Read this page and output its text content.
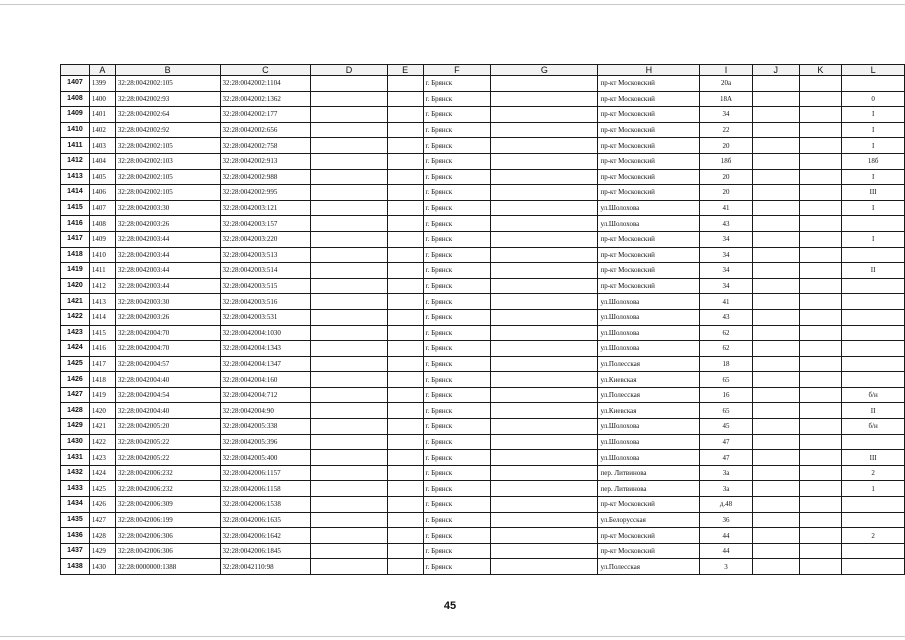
	A	B	C	D	E	F	G	H	I	J	K	L
1407	1399	32:28:0042002:105	32:28:0042002:1104			г. Брянск		пр-кт Московский	20а			
1408	1400	32:28:0042002:93	32:28:0042002:1362			г. Брянск		пр-кт Московский	18А			0
1409	1401	32:28:0042002:64	32:28:0042002:177			г. Брянск		пр-кт Московский	34			I
1410	1402	32:28:0042002:92	32:28:0042002:656			г. Брянск		пр-кт Московский	22			I
1411	1403	32:28:0042002:105	32:28:0042002:758			г. Брянск		пр-кт Московский	20			I
1412	1404	32:28:0042002:103	32:28:0042002:913			г. Брянск		пр-кт Московский	18б			18б
1413	1405	32:28:0042002:105	32:28:0042002:988			г. Брянск		пр-кт Московский	20			I
1414	1406	32:28:0042002:105	32:28:0042002:995			г. Брянск		пр-кт Московский	20			III
1415	1407	32:28:0042003:30	32:28:0042003:121			г. Брянск		ул.Шолохова	41			I
1416	1408	32:28:0042003:26	32:28:0042003:157			г. Брянск		ул.Шолохова	43			
1417	1409	32:28:0042003:44	32:28:0042003:220			г. Брянск		пр-кт Московский	34			I
1418	1410	32:28:0042003:44	32:28:0042003:513			г. Брянск		пр-кт Московский	34			
1419	1411	32:28:0042003:44	32:28:0042003:514			г. Брянск		пр-кт Московский	34			II
1420	1412	32:28:0042003:44	32:28:0042003:515			г. Брянск		пр-кт Московский	34			
1421	1413	32:28:0042003:30	32:28:0042003:516			г. Брянск		ул.Шолохова	41			
1422	1414	32:28:0042003:26	32:28:0042003:531			г. Брянск		ул.Шолохова	43			
1423	1415	32:28:0042004:70	32:28:0042004:1030			г. Брянск		ул.Шолохова	62			
1424	1416	32:28:0042004:70	32:28:0042004:1343			г. Брянск		ул.Шолохова	62			
1425	1417	32:28:0042004:57	32:28:0042004:1347			г. Брянск		ул.Полесская	18			
1426	1418	32:28:0042004:40	32:28:0042004:160			г. Брянск		ул.Киевская	65			
1427	1419	32:28:0042004:54	32:28:0042004:712			г. Брянск		ул.Полесская	16			б/н
1428	1420	32:28:0042004:40	32:28:0042004:90			г. Брянск		ул.Киевская	65			II
1429	1421	32:28:0042005:20	32:28:0042005:338			г. Брянск		ул.Шолохова	45			б/н
1430	1422	32:28:0042005:22	32:28:0042005:396			г. Брянск		ул.Шолохова	47			
1431	1423	32:28:0042005:22	32:28:0042005:400			г. Брянск		ул.Шолохова	47			III
1432	1424	32:28:0042006:232	32:28:0042006:1157			г. Брянск		пер. Литвинова	3а			2
1433	1425	32:28:0042006:232	32:28:0042006:1158			г. Брянск		пер. Литвинова	3а			1
1434	1426	32:28:0042006:309	32:28:0042006:1538			г. Брянск		пр-кт Московский	д.48			
1435	1427	32:28:0042006:199	32:28:0042006:1635			г. Брянск		ул.Белорусская	36			
1436	1428	32:28:0042006:306	32:28:0042006:1642			г. Брянск		пр-кт Московский	44			2
1437	1429	32:28:0042006:306	32:28:0042006:1845			г. Брянск		пр-кт Московский	44			
1438	1430	32:28:0000000:1388	32:28:0042110:98			г. Брянск		ул.Полесская	3			
45
